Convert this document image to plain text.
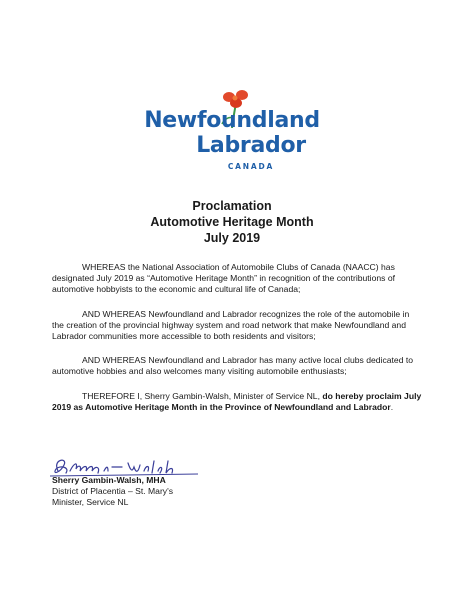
Newfoundland
Labrador
CANADA
Proclamation
Automotive Heritage Month
July 2019

WHEREAS the National Association of Automobile Clubs of Canada (NAACC) has designated July 2019 as “Automotive Heritage Month” in recognition of the contributions of automotive hobbyists to the economic and cultural life of Canada;

AND WHEREAS Newfoundland and Labrador recognizes the role of the automobile in the creation of the provincial highway system and road network that make Newfoundland and Labrador communities more accessible to both residents and visitors;

AND WHEREAS Newfoundland and Labrador has many active local clubs dedicated to automotive hobbies and also welcomes many visiting automobile enthusiasts;

THEREFORE I, Sherry Gambin-Walsh, Minister of Service NL, do hereby proclaim July 2019 as Automotive Heritage Month in the Province of Newfoundland and Labrador.

Sherry Gambin-Walsh, MHA
District of Placentia – St. Mary's
Minister, Service NL
